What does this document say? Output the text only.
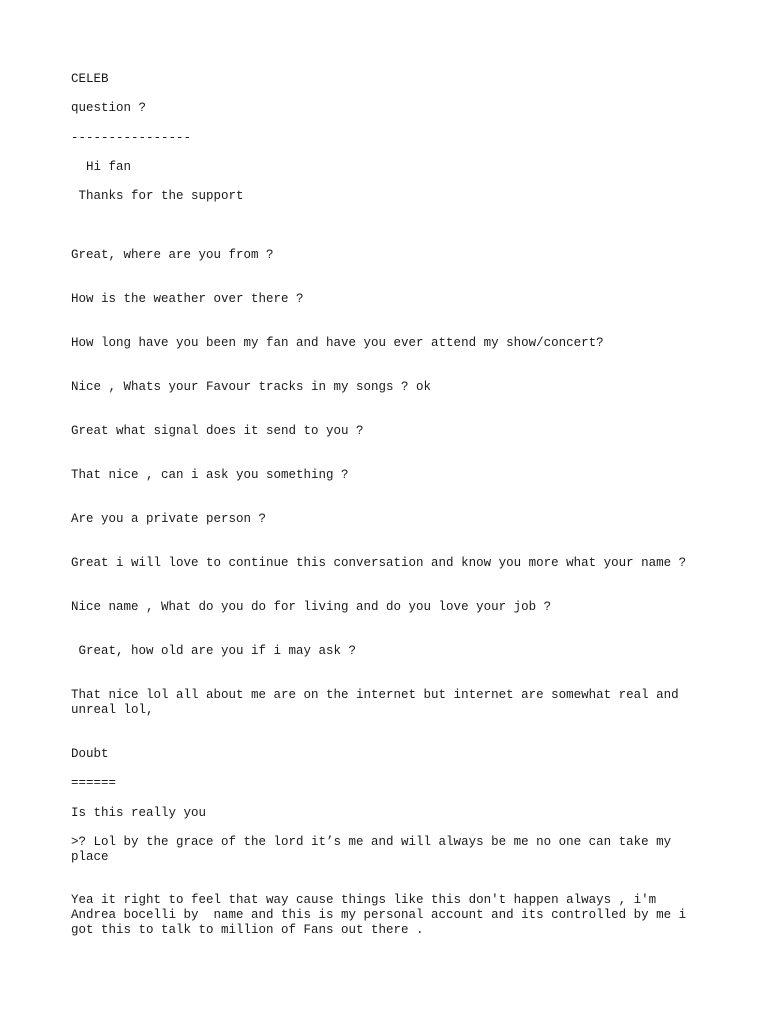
CELEB

question ?

----------------

Hi fan

Thanks for the support

Great, where are you from ?

How is the weather over there ?

How long have you been my fan and have you ever attend my show/concert?

Nice , Whats your Favour tracks in my songs ? ok

Great what signal does it send to you ?

That nice , can i ask you something ?

Are you a private person ?

Great i will love to continue this conversation and know you more what your name ?

Nice name , What do you do for living and do you love your job ?

Great, how old are you if i may ask ?

That nice lol all about me are on the internet but internet are somewhat real and unreal lol,

Doubt

======

Is this really you

>? Lol by the grace of the lord it’s me and will always be me no one can take my place

Yea it right to feel that way cause things like this don't happen always , i'm Andrea bocelli by  name and this is my personal account and its controlled by me i got this to talk to million of Fans out there .
